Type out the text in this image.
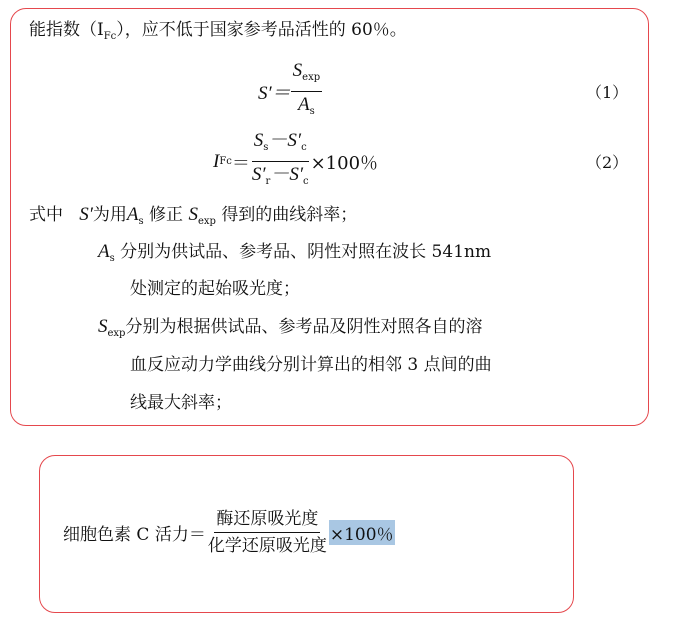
能指数$(I_{Fc})$，应不低于国家参考品活性的 60％。
$S'= \frac{S_{exp}}{A_s}$	（1）
I $Fc = \frac{S_s-S'_c}{S'_r-S'_c} \times 100$％	（2）
式中 S′为用$A_s$ 修正 $S_{exp}$ 得到的曲线斜率；
$A_s$ 分别为供试品、参考品、阴性对照在波长 541nm
处测定的起始吸光度；
$S_{exp}$分别为根据供试品、参考品及阴性对照各自的溶
血反应动力学曲线分别计算出的相邻 3 点间的曲
线最大斜率；
细胞色素 C 活力＝ $\frac{\text{酶还原吸光度}}{\text{化学还原吸光度}} \times 100$％
